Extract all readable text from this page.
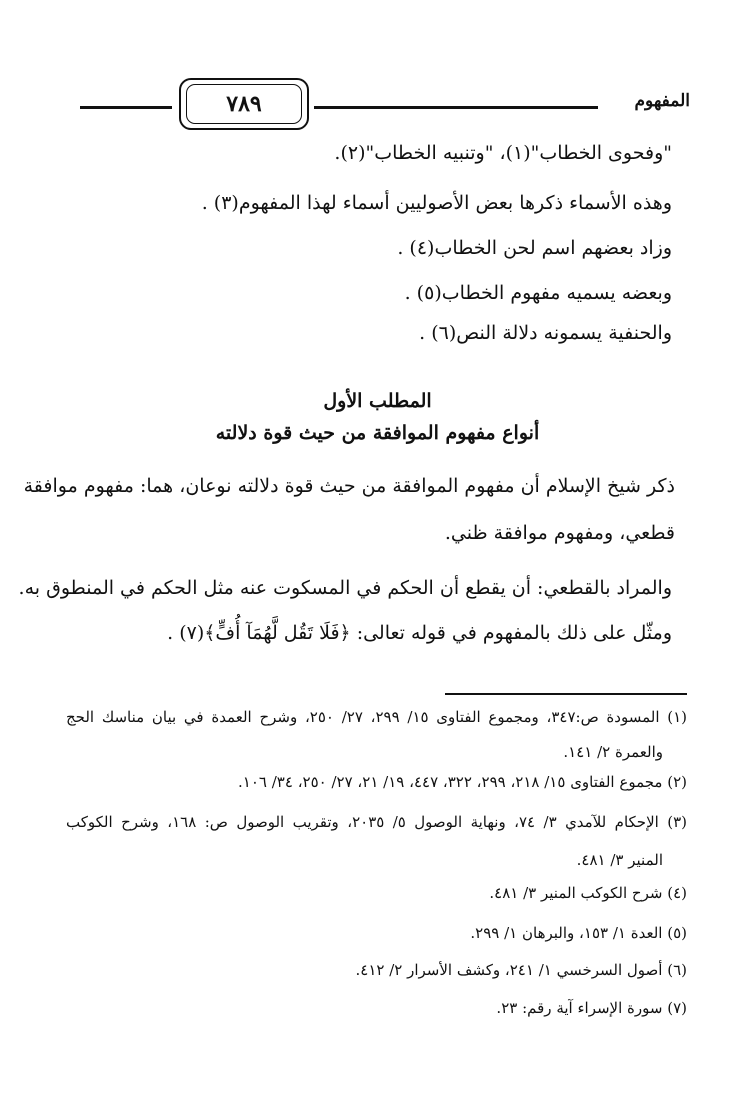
المفهوم
٧٨٩
"وفحوى الخطاب"(١)، "وتنبيه الخطاب"(٢).
وهذه الأسماء ذكرها بعض الأصوليين أسماء لهذا المفهوم(٣) .
وزاد بعضهم اسم لحن الخطاب(٤) .
وبعضه يسميه مفهوم الخطاب(٥) .
والحنفية يسمونه دلالة النص(٦) .
المطلب الأول
أنواع مفهوم الموافقة من حيث قوة دلالته
ذكر شيخ الإسلام أن مفهوم الموافقة من حيث قوة دلالته نوعان، هما: مفهوم موافقة
قطعي، ومفهوم موافقة ظني.
والمراد بالقطعي: أن يقطع أن الحكم في المسكوت عنه مثل الحكم في المنطوق به.
ومثّل على ذلك بالمفهوم في قوله تعالى: ﴿فَلَا تَقُل لَّهُمَآ أُفٍّ﴾(٧) .
(١) المسودة ص:٣٤٧، ومجموع الفتاوى ١٥/ ٢٩٩، ٢٧/ ٢٥٠، وشرح العمدة في بيان مناسك الحج
والعمرة ٢/ ١٤١.
(٢) مجموع الفتاوى ١٥/ ٢١٨، ٢٩٩، ٣٢٢، ٤٤٧، ١٩/ ٢١، ٢٧/ ٢٥٠، ٣٤/ ١٠٦.
(٣) الإحكام للآمدي ٣/ ٧٤، ونهاية الوصول ٥/ ٢٠٣٥، وتقريب الوصول ص: ١٦٨، وشرح الكوكب
المنير ٣/ ٤٨١.
(٤) شرح الكوكب المنير ٣/ ٤٨١.
(٥) العدة ١/ ١٥٣، والبرهان ١/ ٢٩٩.
(٦) أصول السرخسي ١/ ٢٤١، وكشف الأسرار ٢/ ٤١٢.
(٧) سورة الإسراء آية رقم: ٢٣.
